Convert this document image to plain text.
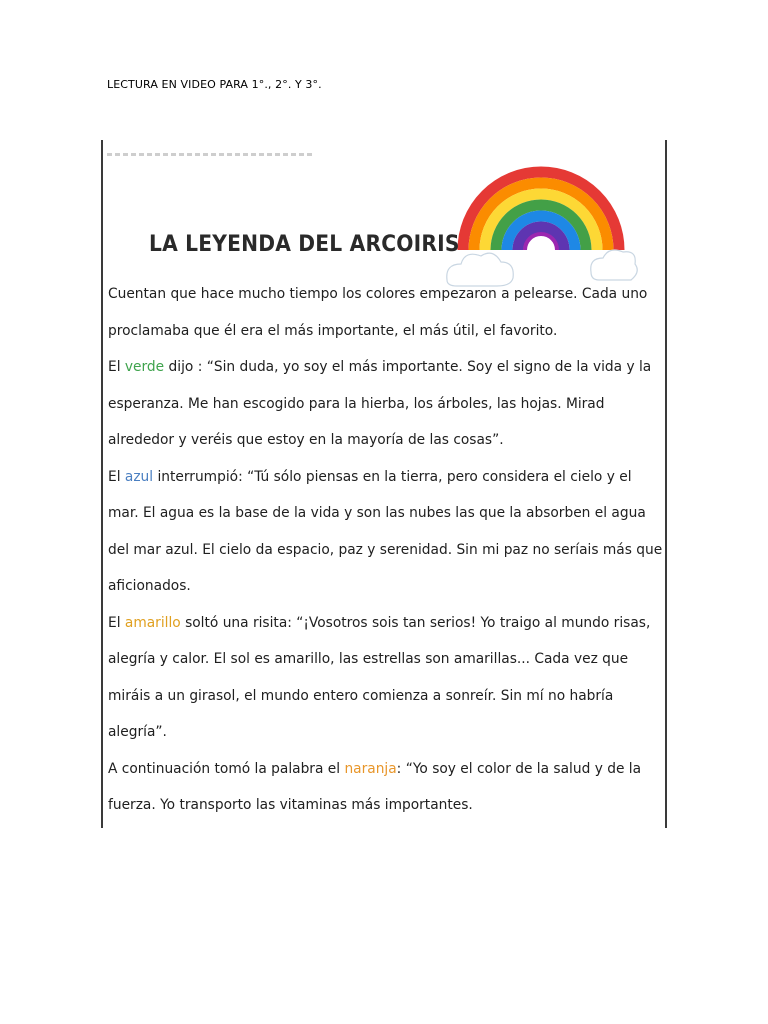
LECTURA EN VIDEO PARA 1°., 2°. Y 3°.
LA LEYENDA DEL ARCOIRIS
Cuentan que hace mucho tiempo los colores empezaron a pelearse. Cada uno
proclamaba que él era el más importante, el más útil, el favorito.
El verde dijo : “Sin duda, yo soy el más importante. Soy el signo de la vida y la
esperanza. Me han escogido para la hierba, los árboles, las hojas. Mirad
alrededor y veréis que estoy en la mayoría de las cosas”.
El azul interrumpió: “Tú sólo piensas en la tierra, pero considera el cielo y el
mar. El agua es la base de la vida y son las nubes las que la absorben el agua
del mar azul. El cielo da espacio, paz y serenidad. Sin mi paz no seríais más que
aficionados.
El amarillo soltó una risita: “¡Vosotros sois tan serios! Yo traigo al mundo risas,
alegría y calor. El sol es amarillo, las estrellas son amarillas... Cada vez que
miráis a un girasol, el mundo entero comienza a sonreír. Sin mí no habría
alegría”.
A continuación tomó la palabra el naranja: “Yo soy el color de la salud y de la
fuerza. Yo transporto las vitaminas más importantes.
